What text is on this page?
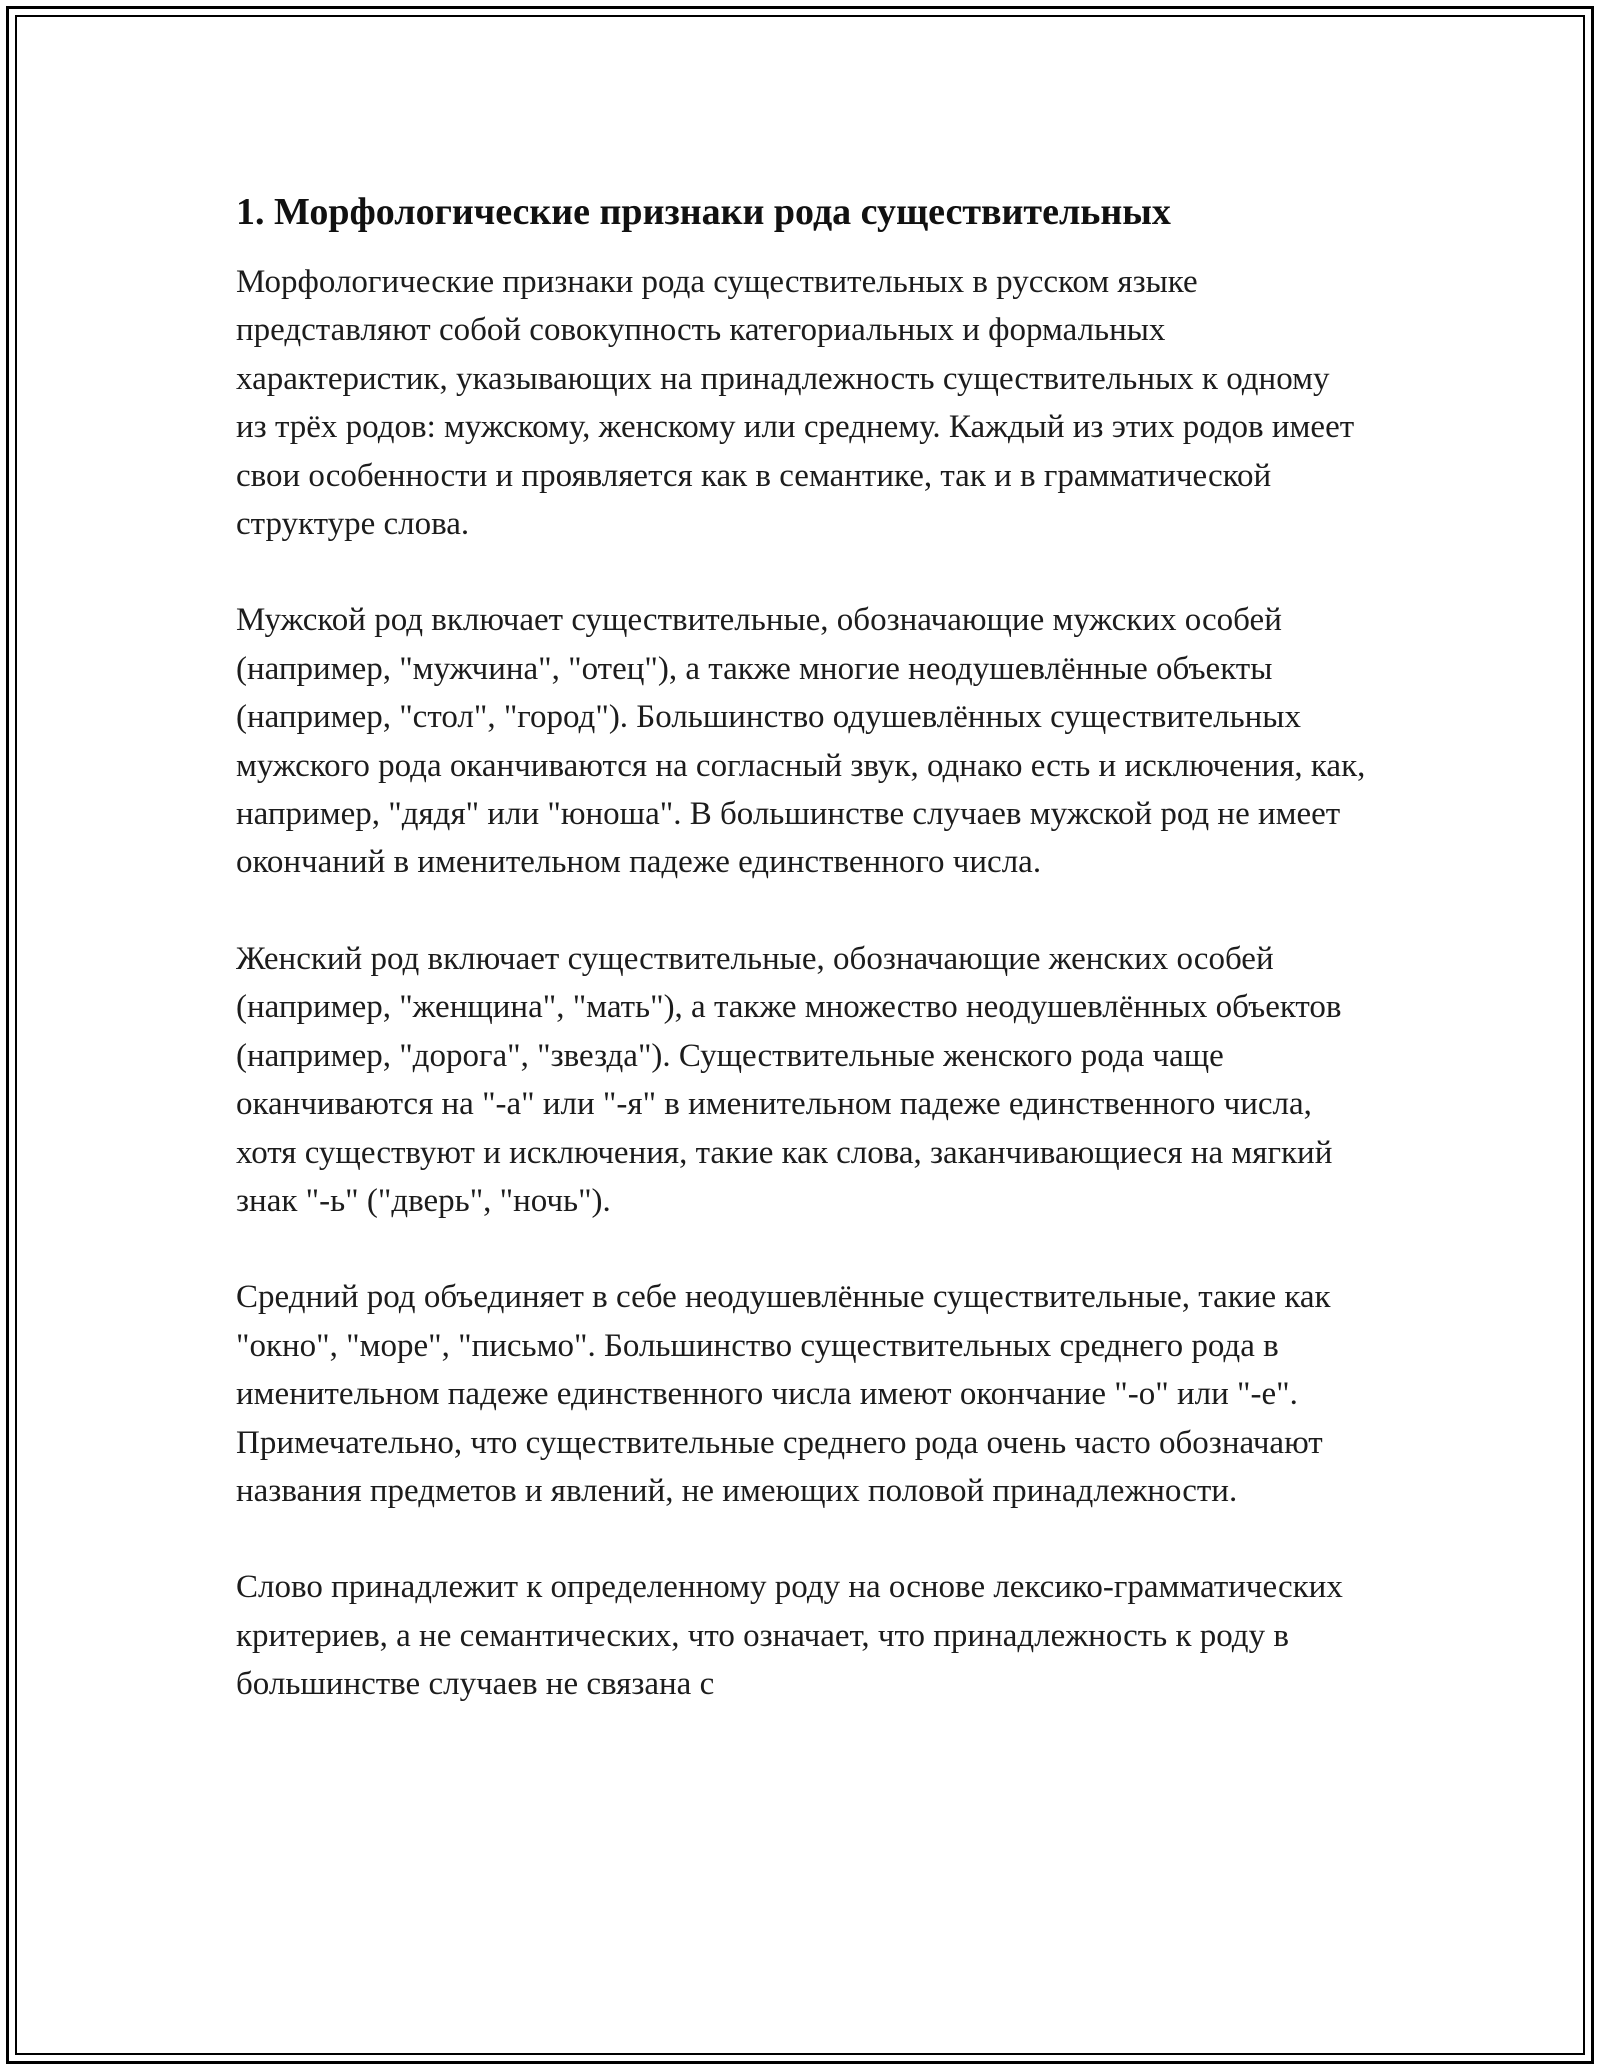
1. Морфологические признаки рода существительных

Морфологические признаки рода существительных в русском языке представляют собой совокупность категориальных и формальных характеристик, указывающих на принадлежность существительных к одному из трёх родов: мужскому, женскому или среднему. Каждый из этих родов имеет свои особенности и проявляется как в семантике, так и в грамматической структуре слова.

Мужской род включает существительные, обозначающие мужских особей (например, "мужчина", "отец"), а также многие неодушевлённые объекты (например, "стол", "город"). Большинство одушевлённых существительных мужского рода оканчиваются на согласный звук, однако есть и исключения, как, например, "дядя" или "юноша". В большинстве случаев мужской род не имеет окончаний в именительном падеже единственного числа.

Женский род включает существительные, обозначающие женских особей (например, "женщина", "мать"), а также множество неодушевлённых объектов (например, "дорога", "звезда"). Существительные женского рода чаще оканчиваются на "-а" или "-я" в именительном падеже единственного числа, хотя существуют и исключения, такие как слова, заканчивающиеся на мягкий знак "-ь" ("дверь", "ночь").

Средний род объединяет в себе неодушевлённые существительные, такие как "окно", "море", "письмо". Большинство существительных среднего рода в именительном падеже единственного числа имеют окончание "-о" или "-е". Примечательно, что существительные среднего рода очень часто обозначают названия предметов и явлений, не имеющих половой принадлежности.

Слово принадлежит к определенному роду на основе лексико-грамматических критериев, а не семантических, что означает, что принадлежность к роду в большинстве случаев не связана с
